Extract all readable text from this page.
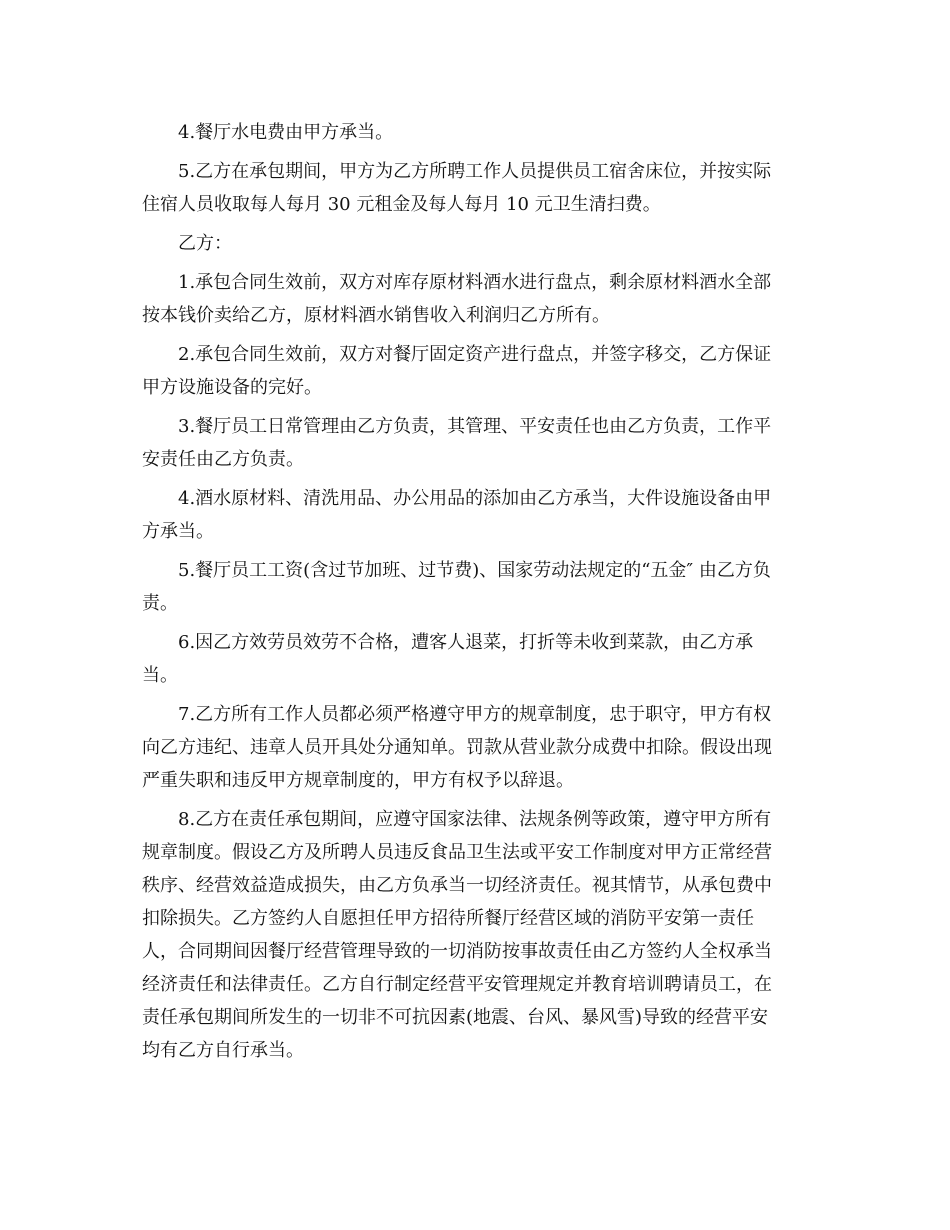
4.餐厅水电费由甲方承当。
5.乙方在承包期间，甲方为乙方所聘工作人员提供员工宿舍床位，并按实际
住宿人员收取每人每月 30 元租金及每人每月 10 元卫生清扫费。
乙方：
1.承包合同生效前，双方对库存原材料酒水进行盘点，剩余原材料酒水全部
按本钱价卖给乙方，原材料酒水销售收入利润归乙方所有。
2.承包合同生效前，双方对餐厅固定资产进行盘点，并签字移交，乙方保证
甲方设施设备的完好。
3.餐厅员工日常管理由乙方负责，其管理、平安责任也由乙方负责，工作平
安责任由乙方负责。
4.酒水原材料、清洗用品、办公用品的添加由乙方承当，大件设施设备由甲
方承当。
5.餐厅员工工资(含过节加班、过节费)、国家劳动法规定的“五金″ 由乙方负
责。
6.因乙方效劳员效劳不合格，遭客人退菜，打折等未收到菜款，由乙方承
当。
7.乙方所有工作人员都必须严格遵守甲方的规章制度，忠于职守，甲方有权
向乙方违纪、违章人员开具处分通知单。罚款从营业款分成费中扣除。假设出现
严重失职和违反甲方规章制度的，甲方有权予以辞退。
8.乙方在责任承包期间，应遵守国家法律、法规条例等政策，遵守甲方所有
规章制度。假设乙方及所聘人员违反食品卫生法或平安工作制度对甲方正常经营
秩序、经营效益造成损失，由乙方负承当一切经济责任。视其情节，从承包费中
扣除损失。乙方签约人自愿担任甲方招待所餐厅经营区域的消防平安第一责任
人，合同期间因餐厅经营管理导致的一切消防按事故责任由乙方签约人全权承当
经济责任和法律责任。乙方自行制定经营平安管理规定并教育培训聘请员工，在
责任承包期间所发生的一切非不可抗因素(地震、台风、暴风雪)导致的经营平安
均有乙方自行承当。
